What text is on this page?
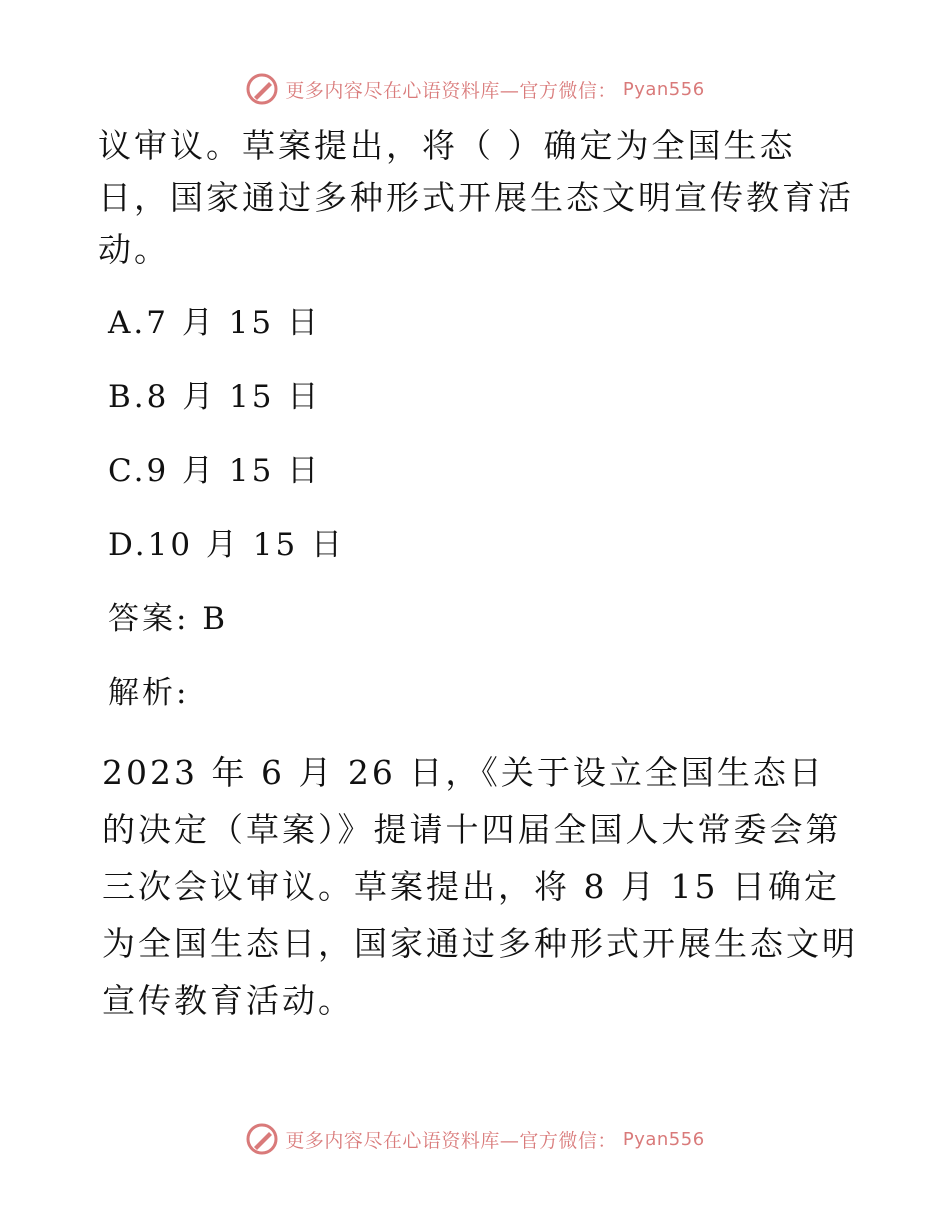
更多内容尽在心语资料库—官方微信： Pyan556

议审议。草案提出，将（ ）确定为全国生态日，国家通过多种形式开展生态文明宣传教育活动。

A.7 月 15 日

B.8 月 15 日

C.9 月 15 日

D.10 月 15 日

答案: B

解析:

2023 年 6 月 26 日，《关于设立全国生态日的决定（草案）》提请十四届全国人大常委会第三次会议审议。草案提出，将 8 月 15 日确定为全国生态日，国家通过多种形式开展生态文明宣传教育活动。

更多内容尽在心语资料库—官方微信： Pyan556
